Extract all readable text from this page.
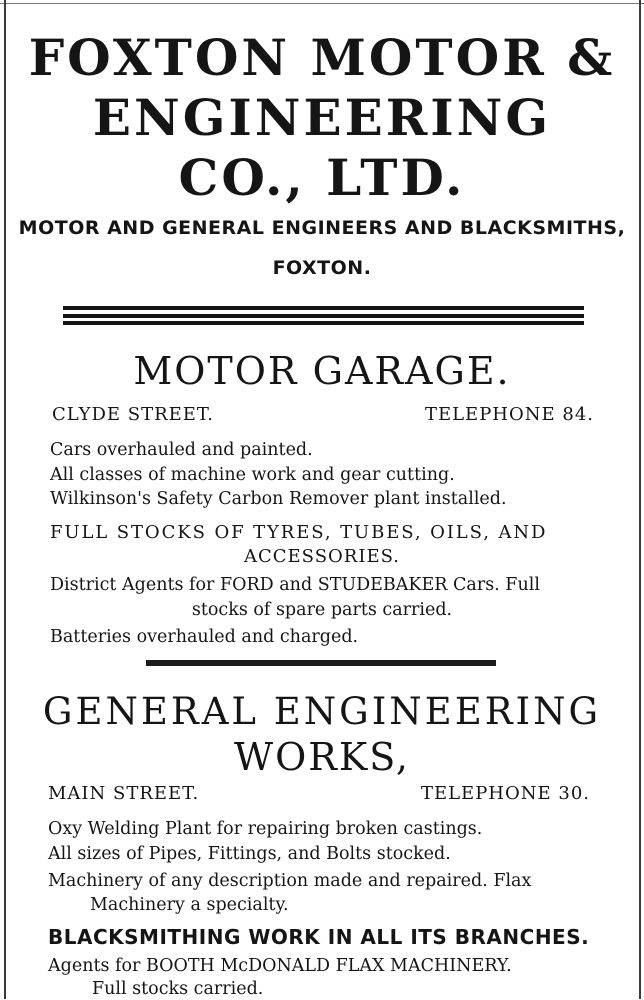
FOXTON MOTOR &
ENGINEERING
CO., LTD.
MOTOR AND GENERAL ENGINEERS AND BLACKSMITHS,
FOXTON.
MOTOR GARAGE.
CLYDE STREET.	TELEPHONE 84.
Cars overhauled and painted.
All classes of machine work and gear cutting.
Wilkinson's Safety Carbon Remover plant installed.
FULL STOCKS OF TYRES, TUBES, OILS, AND
ACCESSORIES.
District Agents for FORD and STUDEBAKER Cars. Full
stocks of spare parts carried.
Batteries overhauled and charged.
GENERAL ENGINEERING
WORKS,
MAIN STREET.	TELEPHONE 30.
Oxy Welding Plant for repairing broken castings.
All sizes of Pipes, Fittings, and Bolts stocked.
Machinery of any description made and repaired. Flax
Machinery a specialty.
BLACKSMITHING WORK IN ALL ITS BRANCHES.
Agents for BOOTH McDONALD FLAX MACHINERY.
Full stocks carried.
